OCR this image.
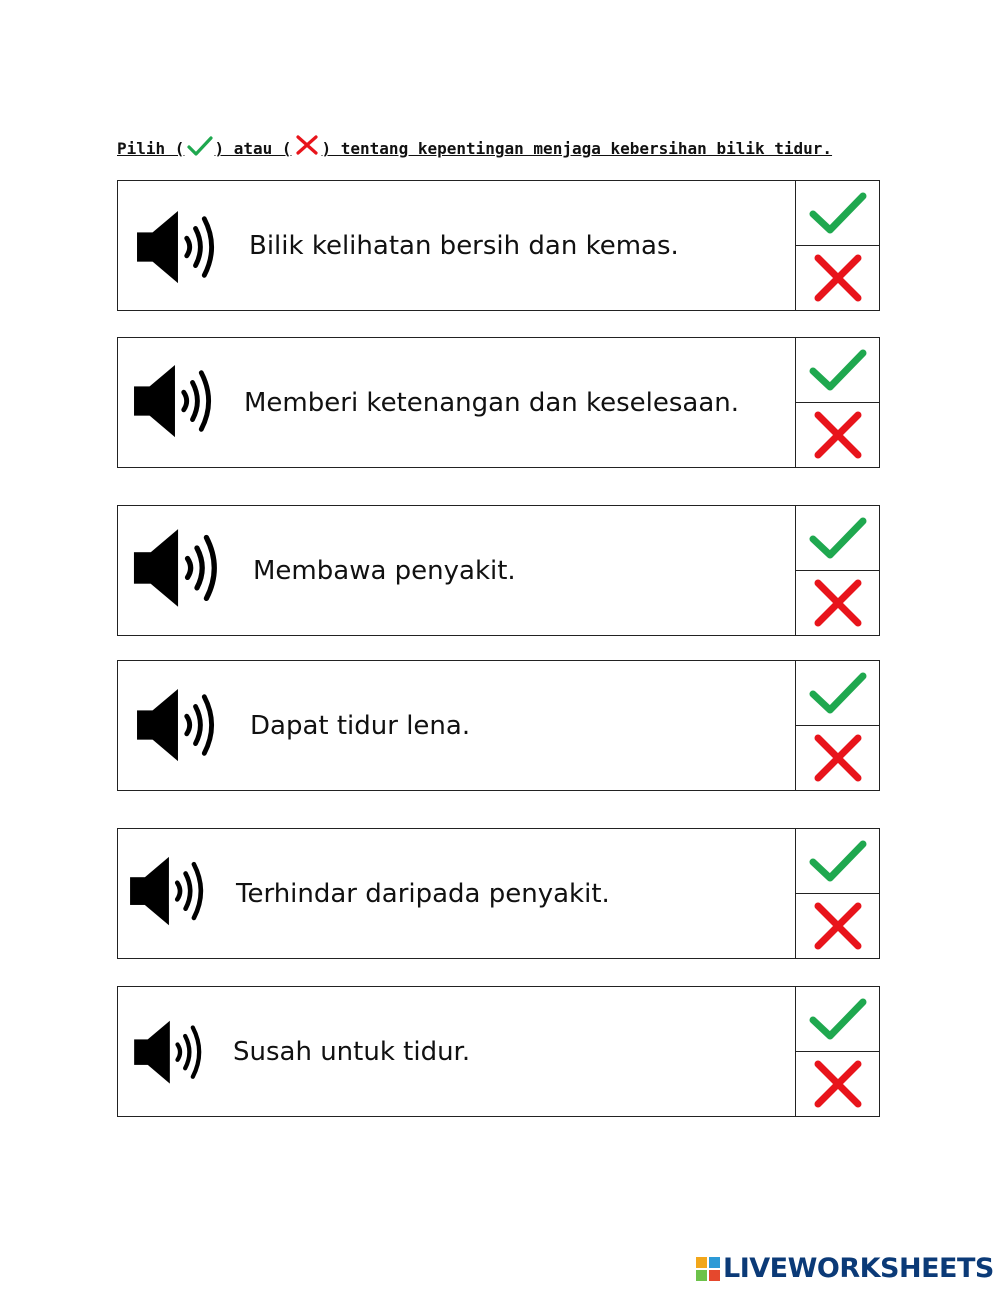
Pilih ( ) atau ( ) tentang kepentingan menjaga kebersihan bilik tidur.
Bilik kelihatan bersih dan kemas.
Memberi ketenangan dan keselesaan.
Membawa penyakit.
Dapat tidur lena.
Terhindar daripada penyakit.
Susah untuk tidur.
LIVEWORKSHEETS
